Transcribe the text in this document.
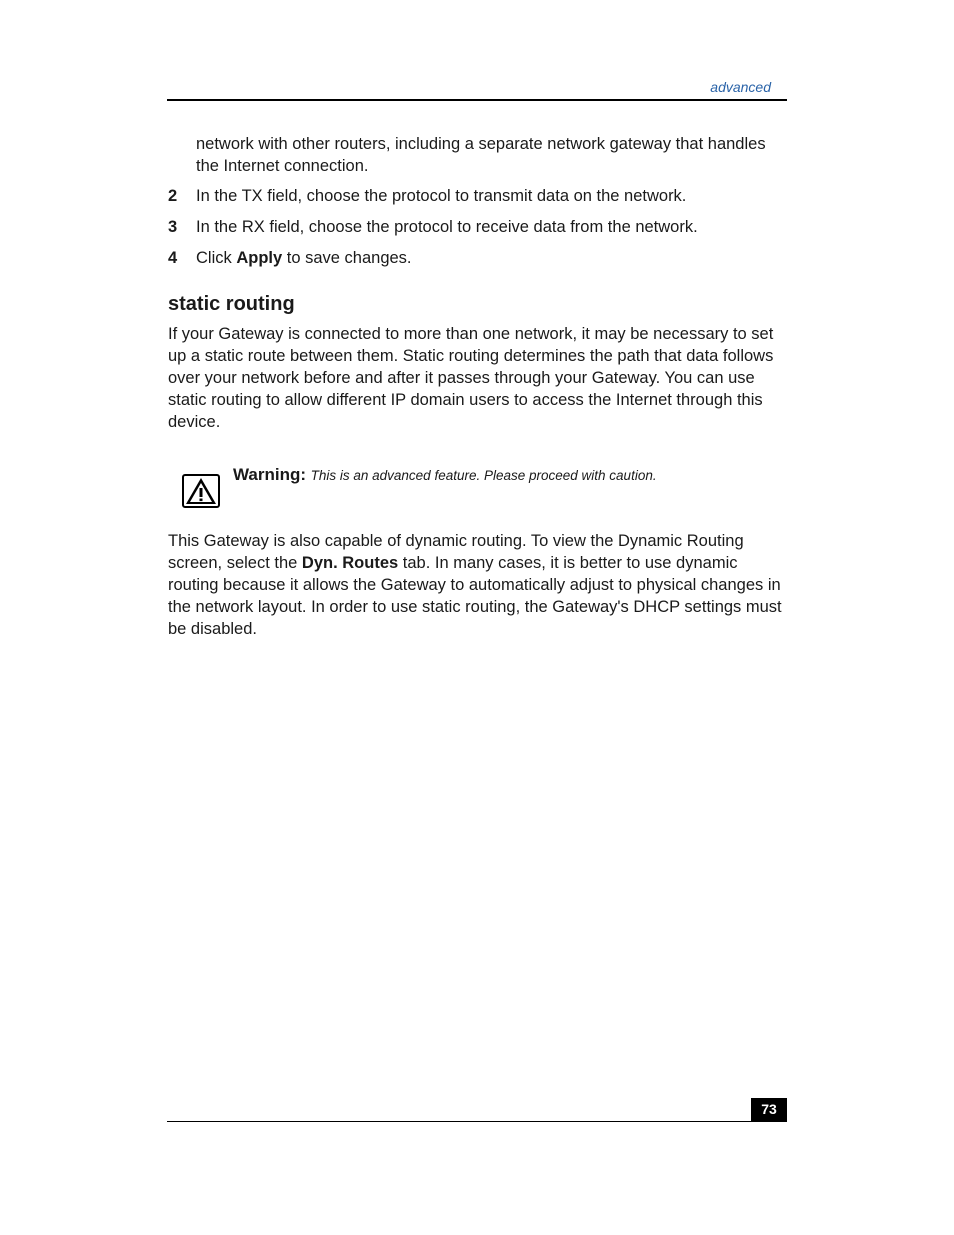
advanced
network with other routers, including a separate network gateway that handles the Internet connection.
2	In the TX field, choose the protocol to transmit data on the network.
3	In the RX field, choose the protocol to receive data from the network.
4	Click Apply to save changes.
static routing

If your Gateway is connected to more than one network, it may be necessary to set up a static route between them. Static routing determines the path that data follows over your network before and after it passes through your Gateway. You can use static routing to allow different IP domain users to access the Internet through this device.

Warning: This is an advanced feature. Please proceed with caution.

This Gateway is also capable of dynamic routing. To view the Dynamic Routing screen, select the Dyn. Routes tab. In many cases, it is better to use dynamic routing because it allows the Gateway to automatically adjust to physical changes in the network layout. In order to use static routing, the Gateway's DHCP settings must be disabled.

73
